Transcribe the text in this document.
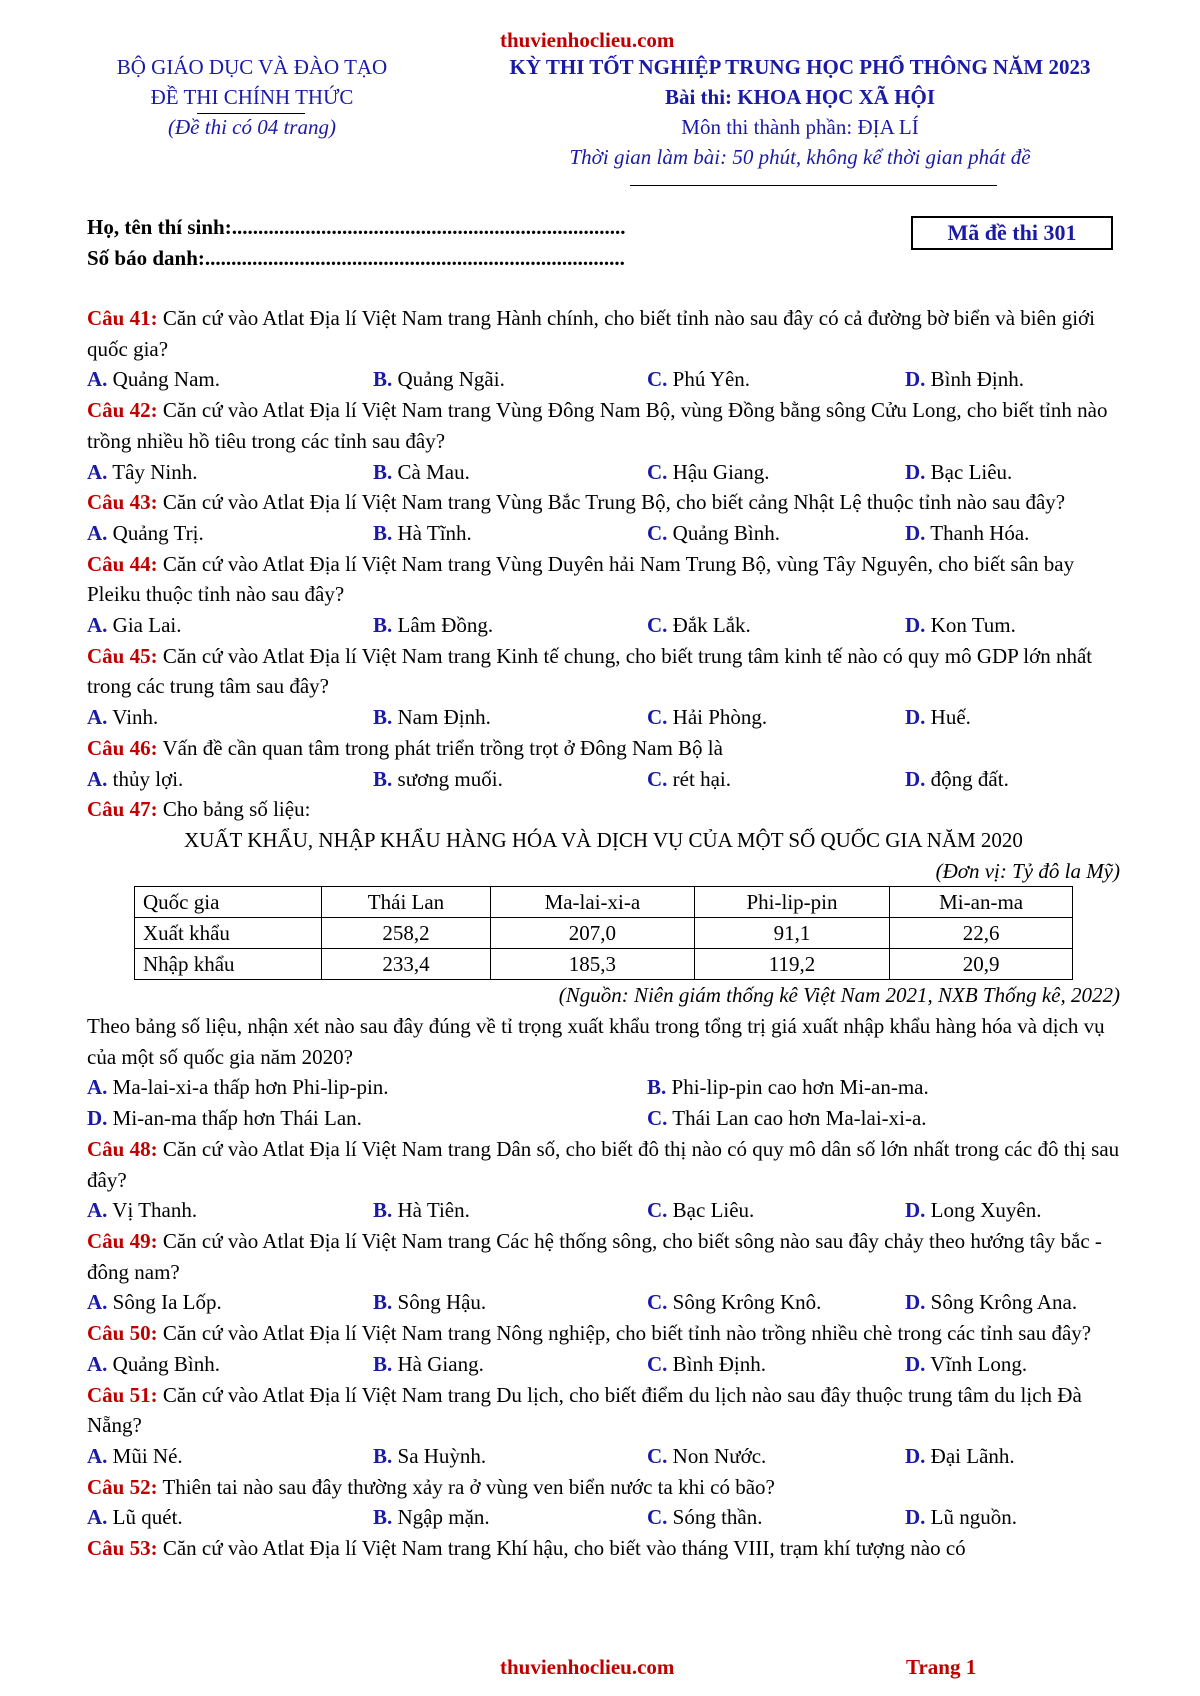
thuvienhoclieu.com
BỘ GIÁO DỤC VÀ ĐÀO TẠO
ĐỀ THI CHÍNH THỨC
(Đề thi có 04 trang)
KỲ THI TỐT NGHIỆP TRUNG HỌC PHỔ THÔNG NĂM 2023
Bài thi: KHOA HỌC XÃ HỘI
Môn thi thành phần: ĐỊA LÍ
Thời gian làm bài: 50 phút, không kể thời gian phát đề
Họ, tên thí sinh:...........................................................................
Số báo danh:................................................................................
Mã đề thi 301

Câu 41: Căn cứ vào Atlat Địa lí Việt Nam trang Hành chính, cho biết tỉnh nào sau đây có cả đường bờ biển và biên giới quốc gia?

A. Quảng Nam.	B. Quảng Ngãi.	C. Phú Yên.	D. Bình Định.

Câu 42: Căn cứ vào Atlat Địa lí Việt Nam trang Vùng Đông Nam Bộ, vùng Đồng bằng sông Cửu Long, cho biết tỉnh nào trồng nhiều hồ tiêu trong các tỉnh sau đây?

A. Tây Ninh.	B. Cà Mau.	C. Hậu Giang.	D. Bạc Liêu.

Câu 43: Căn cứ vào Atlat Địa lí Việt Nam trang Vùng Bắc Trung Bộ, cho biết cảng Nhật Lệ thuộc tỉnh nào sau đây?

A. Quảng Trị.	B. Hà Tĩnh.	C. Quảng Bình.	D. Thanh Hóa.

Câu 44: Căn cứ vào Atlat Địa lí Việt Nam trang Vùng Duyên hải Nam Trung Bộ, vùng Tây Nguyên, cho biết sân bay Pleiku thuộc tỉnh nào sau đây?

A. Gia Lai.	B. Lâm Đồng.	C. Đắk Lắk.	D. Kon Tum.

Câu 45: Căn cứ vào Atlat Địa lí Việt Nam trang Kinh tế chung, cho biết trung tâm kinh tế nào có quy mô GDP lớn nhất trong các trung tâm sau đây?

A. Vinh.	B. Nam Định.	C. Hải Phòng.	D. Huế.

Câu 46: Vấn đề cần quan tâm trong phát triển trồng trọt ở Đông Nam Bộ là

A. thủy lợi.	B. sương muối.	C. rét hại.	D. động đất.

Câu 47: Cho bảng số liệu:

XUẤT KHẨU, NHẬP KHẨU HÀNG HÓA VÀ DỊCH VỤ CỦA MỘT SỐ QUỐC GIA NĂM 2020

(Đơn vị: Tỷ đô la Mỹ)

Quốc gia	Thái Lan	Ma-lai-xi-a	Phi-lip-pin	Mi-an-ma
Xuất khẩu	258,2	207,0	91,1	22,6
Nhập khẩu	233,4	185,3	119,2	20,9

(Nguồn: Niên giám thống kê Việt Nam 2021, NXB Thống kê, 2022)

Theo bảng số liệu, nhận xét nào sau đây đúng về tỉ trọng xuất khẩu trong tổng trị giá xuất nhập khẩu hàng hóa và dịch vụ của một số quốc gia năm 2020?

A. Ma-lai-xi-a thấp hơn Phi-lip-pin.	B. Phi-lip-pin cao hơn Mi-an-ma.
D. Mi-an-ma thấp hơn Thái Lan.	C. Thái Lan cao hơn Ma-lai-xi-a.

Câu 48: Căn cứ vào Atlat Địa lí Việt Nam trang Dân số, cho biết đô thị nào có quy mô dân số lớn nhất trong các đô thị sau đây?

A. Vị Thanh.	B. Hà Tiên.	C. Bạc Liêu.	D. Long Xuyên.

Câu 49: Căn cứ vào Atlat Địa lí Việt Nam trang Các hệ thống sông, cho biết sông nào sau đây chảy theo hướng tây bắc - đông nam?

A. Sông Ia Lốp.	B. Sông Hậu.	C. Sông Krông Knô.	D. Sông Krông Ana.

Câu 50: Căn cứ vào Atlat Địa lí Việt Nam trang Nông nghiệp, cho biết tỉnh nào trồng nhiều chè trong các tỉnh sau đây?

A. Quảng Bình.	B. Hà Giang.	C. Bình Định.	D. Vĩnh Long.

Câu 51: Căn cứ vào Atlat Địa lí Việt Nam trang Du lịch, cho biết điểm du lịch nào sau đây thuộc trung tâm du lịch Đà Nẵng?

A. Mũi Né.	B. Sa Huỳnh.	C. Non Nước.	D. Đại Lãnh.

Câu 52: Thiên tai nào sau đây thường xảy ra ở vùng ven biển nước ta khi có bão?

A. Lũ quét.	B. Ngập mặn.	C. Sóng thần.	D. Lũ nguồn.

Câu 53: Căn cứ vào Atlat Địa lí Việt Nam trang Khí hậu, cho biết vào tháng VIII, trạm khí tượng nào có

thuvienhoclieu.com	Trang 1
